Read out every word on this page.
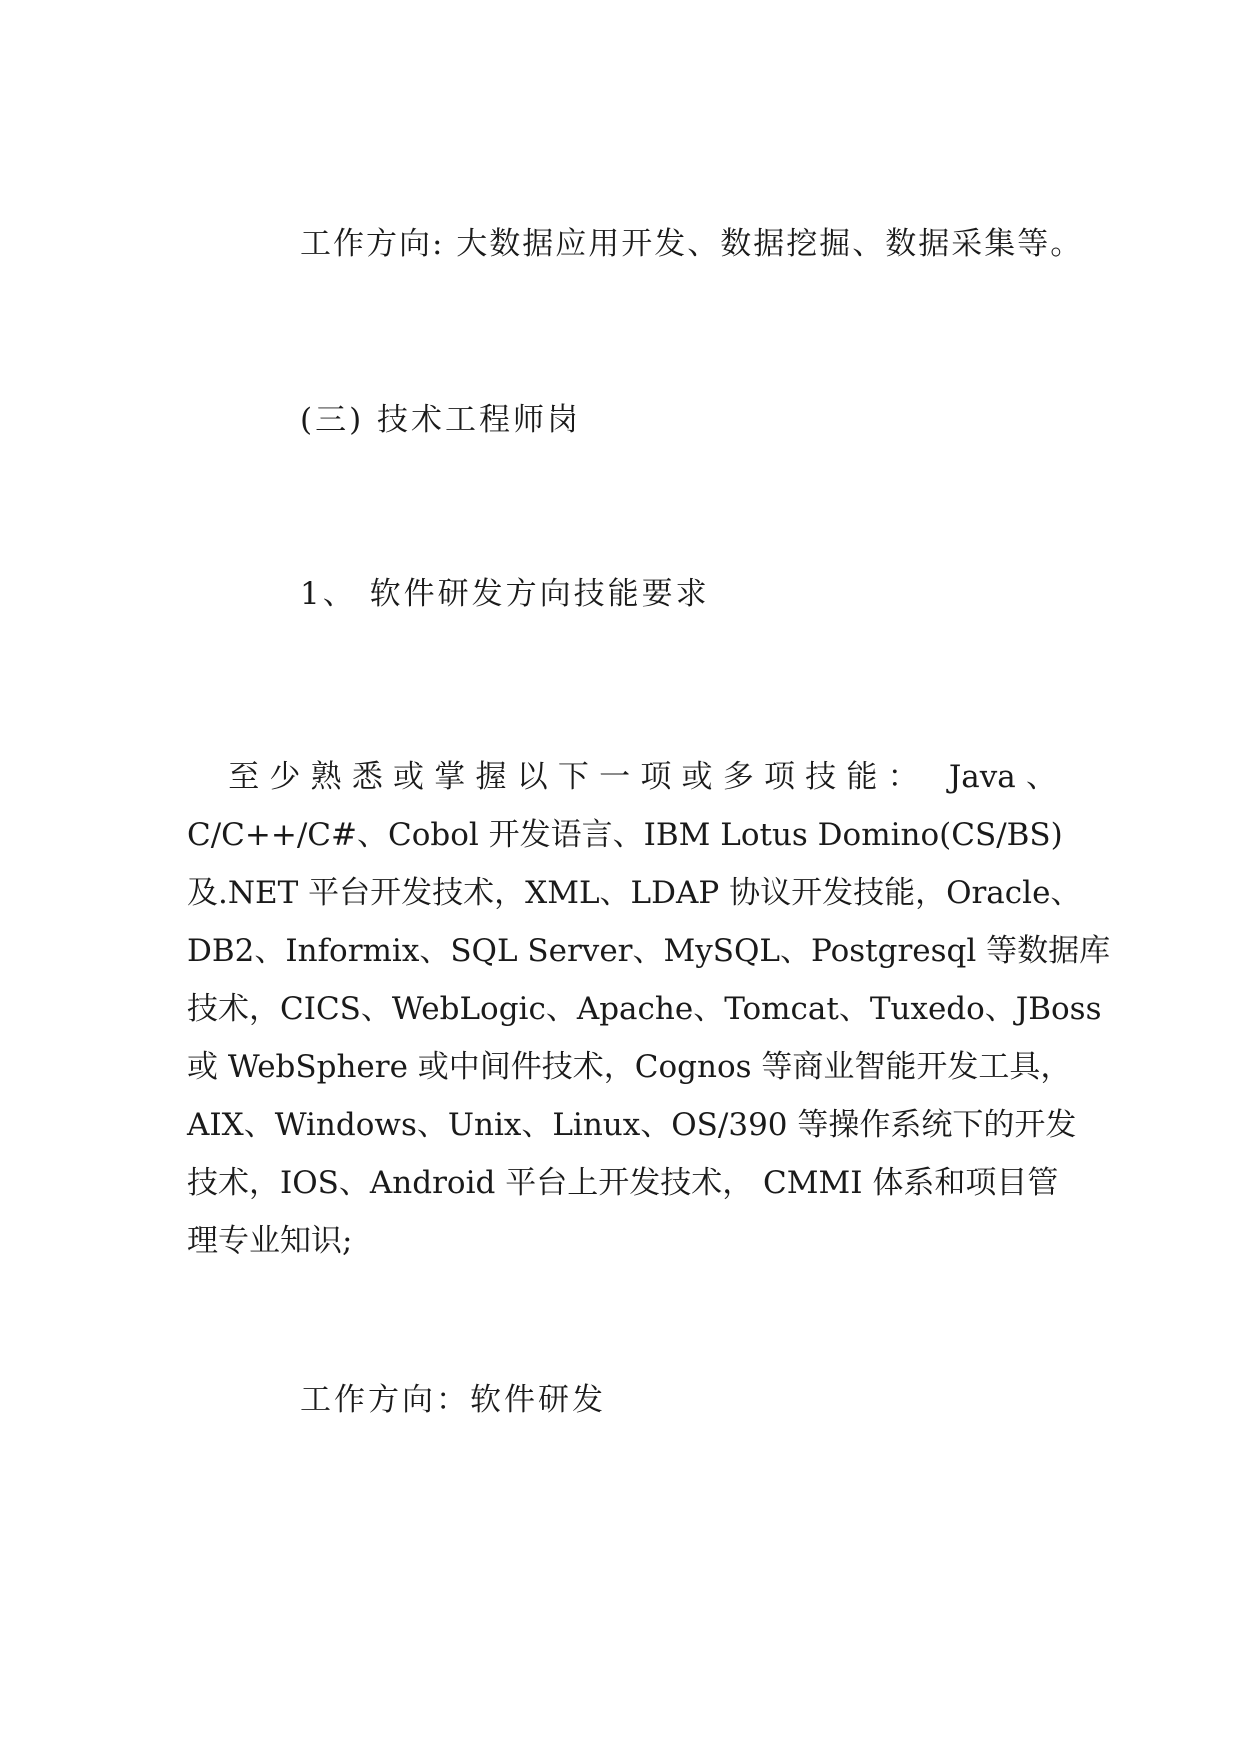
工作方向: 大数据应用开发、数据挖掘、数据采集等。

(三) 技术工程师岗

1、 软件研发方向技能要求

　至少熟悉或掌握以下一项或多项技能： Java、
C/C++/C#、Cobol 开发语言、IBM Lotus Domino(CS/BS)
及.NET 平台开发技术，XML、LDAP 协议开发技能，Oracle、
DB2、Informix、SQL Server、MySQL、Postgresql 等数据库
技术，CICS、WebLogic、Apache、Tomcat、Tuxedo、JBoss
或 WebSphere 或中间件技术，Cognos 等商业智能开发工具，
AIX、Windows、Unix、Linux、OS/390 等操作系统下的开发
技术，IOS、Android 平台上开发技术， CMMI 体系和项目管
理专业知识;

工作方向：软件研发
